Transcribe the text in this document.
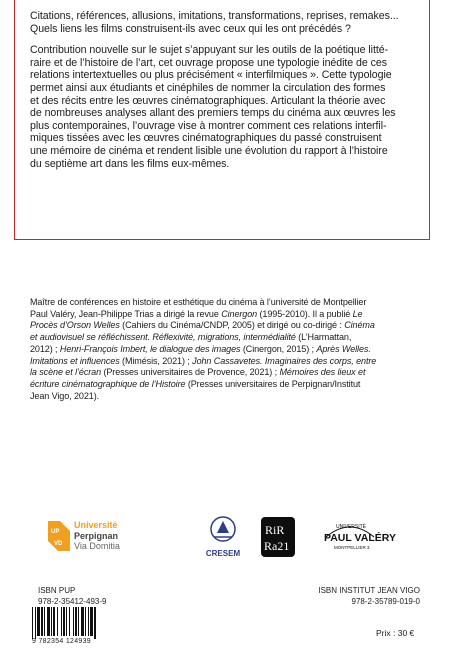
Citations, références, allusions, imitations, transformations, reprises, remakes...
Quels liens les films construisent-ils avec ceux qui les ont précédés ?

Contribution nouvelle sur le sujet s’appuyant sur les outils de la poétique litté-
raire et de l’histoire de l’art, cet ouvrage propose une typologie inédite de ces
relations intertextuelles ou plus précisément « interfilmiques ». Cette typologie
permet ainsi aux étudiants et cinéphiles de nommer la circulation des formes
et des récits entre les œuvres cinématographiques. Articulant la théorie avec
de nombreuses analyses allant des premiers temps du cinéma aux œuvres les
plus contemporaines, l’ouvrage vise à montrer comment ces relations interfil-
miques tissées avec les œuvres cinématographiques du passé construisent
une mémoire de cinéma et rendent lisible une évolution du rapport à l’histoire
du septième art dans les films eux-mêmes.

Maître de conférences en histoire et esthétique du cinéma à l’université de Montpellier
Paul Valéry, Jean-Philippe Trias a dirigé la revue Cinergon (1995-2010). Il a publié Le
Procès d’Orson Welles (Cahiers du Cinéma/CNDP, 2005) et dirigé ou co-dirigé : Cinéma
et audiovisuel se réfléchissent. Réflexivité, migrations, intermédialité (L’Harmattan,
2012) ; Henri-François Imbert, le dialogue des images (Cinergon, 2015) ; Après Welles.
Imitations et influences (Mimésis, 2021) ; John Cassavetes. Imaginaires des corps, entre
la scène et l’écran (Presses universitaires de Provence, 2021) ; Mémoires des lieux et
écriture cinématographique de l’Histoire (Presses universitaires de Perpignan/Institut
Jean Vigo, 2021).
UP
VD
Université
Perpignan
Via Domitia
CRESEM
RiR
Ra21
UNIVERSITÉ
PAUL VALÉRY
MONTPELLIER 3
ISBN PUP
978-2-35412-493-9
ISBN INSTITUT JEAN VIGO
978-2-35789-019-0
9 782354 124939
Prix : 30 €
